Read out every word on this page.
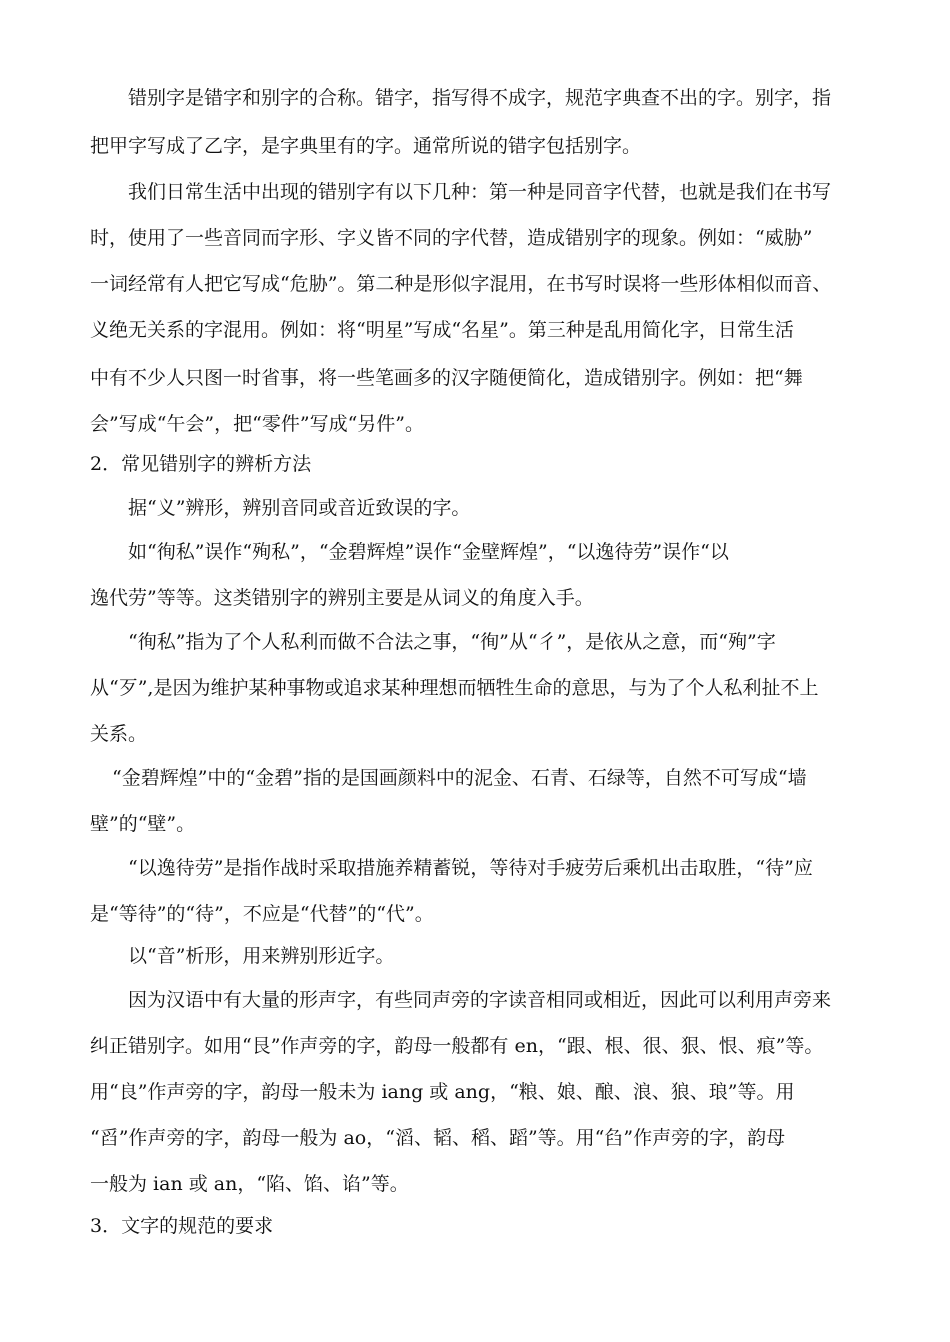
错别字是错字和别字的合称。错字，指写得不成字，规范字典查不出的字。别字，指
把甲字写成了乙字，是字典里有的字。通常所说的错字包括别字。
我们日常生活中出现的错别字有以下几种：第一种是同音字代替，也就是我们在书写
时，使用了一些音同而字形、字义皆不同的字代替，造成错别字的现象。例如：“威胁”
一词经常有人把它写成“危胁”。第二种是形似字混用，在书写时误将一些形体相似而音、
义绝无关系的字混用。例如：将“明星”写成“名星”。第三种是乱用简化字，日常生活
中有不少人只图一时省事，将一些笔画多的汉字随便简化，造成错别字。例如：把“舞
会”写成“午会”，把“零件”写成“另件”。
2．常见错别字的辨析方法
据“义”辨形，辨别音同或音近致误的字。
如“徇私”误作“殉私”，“金碧辉煌”误作“金壁辉煌”，“以逸待劳”误作“以
逸代劳”等等。这类错别字的辨别主要是从词义的角度入手。
“徇私”指为了个人私利而做不合法之事，“徇”从“彳”，是依从之意，而“殉”字
从“歹”,是因为维护某种事物或追求某种理想而牺牲生命的意思，与为了个人私利扯不上
关系。
“金碧辉煌”中的“金碧”指的是国画颜料中的泥金、石青、石绿等，自然不可写成“墙
壁”的“壁”。
“以逸待劳”是指作战时采取措施养精蓄锐，等待对手疲劳后乘机出击取胜，“待”应
是“等待”的“待”，不应是“代替”的“代”。
以“音”析形，用来辨别形近字。
因为汉语中有大量的形声字，有些同声旁的字读音相同或相近，因此可以利用声旁来
纠正错别字。如用“艮”作声旁的字，韵母一般都有 en，“跟、根、很、狠、恨、痕”等。
用“良”作声旁的字，韵母一般未为 iang 或 ang，“粮、娘、酿、浪、狼、琅”等。用
“舀”作声旁的字，韵母一般为 ao，“滔、韬、稻、蹈”等。用“臽”作声旁的字，韵母
一般为 ian 或 an，“陷、馅、谄”等。
3．文字的规范的要求
